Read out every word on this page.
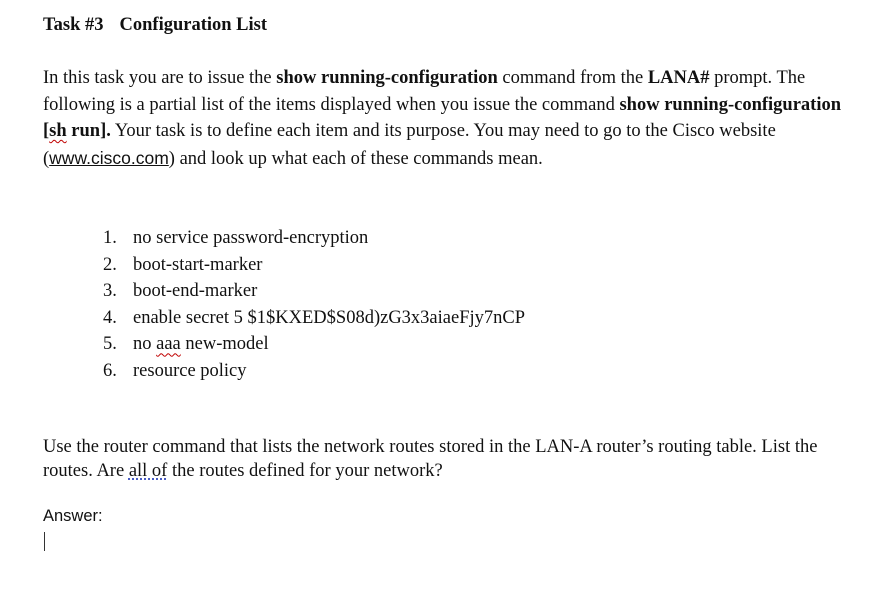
Task #3 Configuration List
In this task you are to issue the show running-configuration command from the LANA# prompt. The following is a partial list of the items displayed when you issue the command show running-configuration [sh run]. Your task is to define each item and its purpose. You may need to go to the Cisco website (www.cisco.com) and look up what each of these commands mean.
1. no service password-encryption
2. boot-start-marker
3. boot-end-marker
4. enable secret 5 $1$KXED$S08d)zG3x3aiaeFjy7nCP
5. no aaa new-model
6. resource policy
Use the router command that lists the network routes stored in the LAN-A router’s routing table. List the routes. Are all of the routes defined for your network?
Answer:
